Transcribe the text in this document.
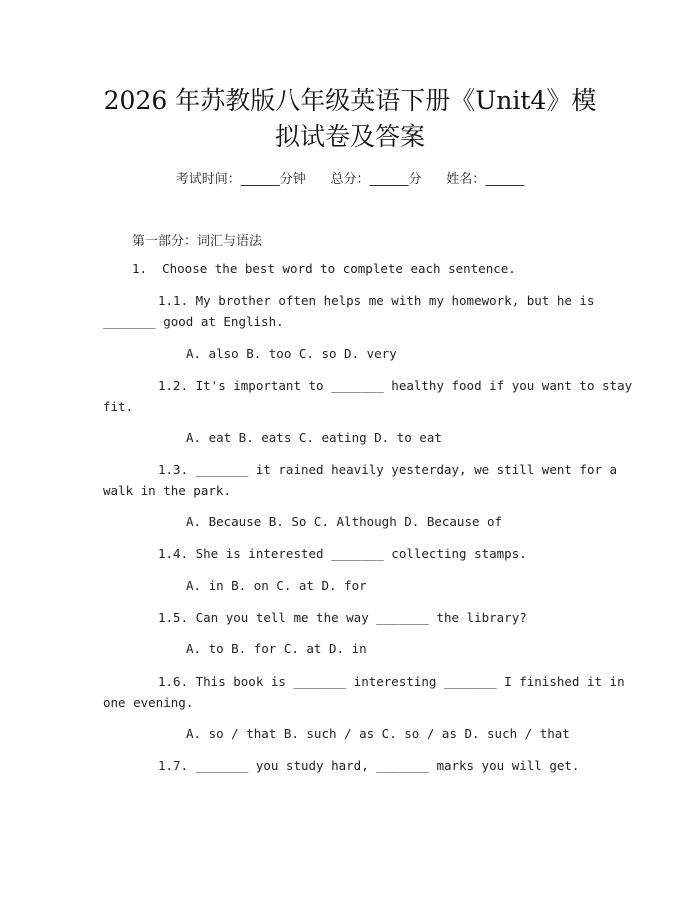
2026 年苏教版八年级英语下册《Unit4》模
拟试卷及答案
考试时间：______分钟      总分：______分      姓名：______
第一部分：词汇与语法
1.  Choose the best word to complete each sentence.
1.1. My brother often helps me with my homework, but he is
_______ good at English.
A. also B. too C. so D. very
1.2. It's important to _______ healthy food if you want to stay
fit.
A. eat B. eats C. eating D. to eat
1.3. _______ it rained heavily yesterday, we still went for a
walk in the park.
A. Because B. So C. Although D. Because of
1.4. She is interested _______ collecting stamps.
A. in B. on C. at D. for
1.5. Can you tell me the way _______ the library?
A. to B. for C. at D. in
1.6. This book is _______ interesting _______ I finished it in
one evening.
A. so / that B. such / as C. so / as D. such / that
1.7. _______ you study hard, _______ marks you will get.
